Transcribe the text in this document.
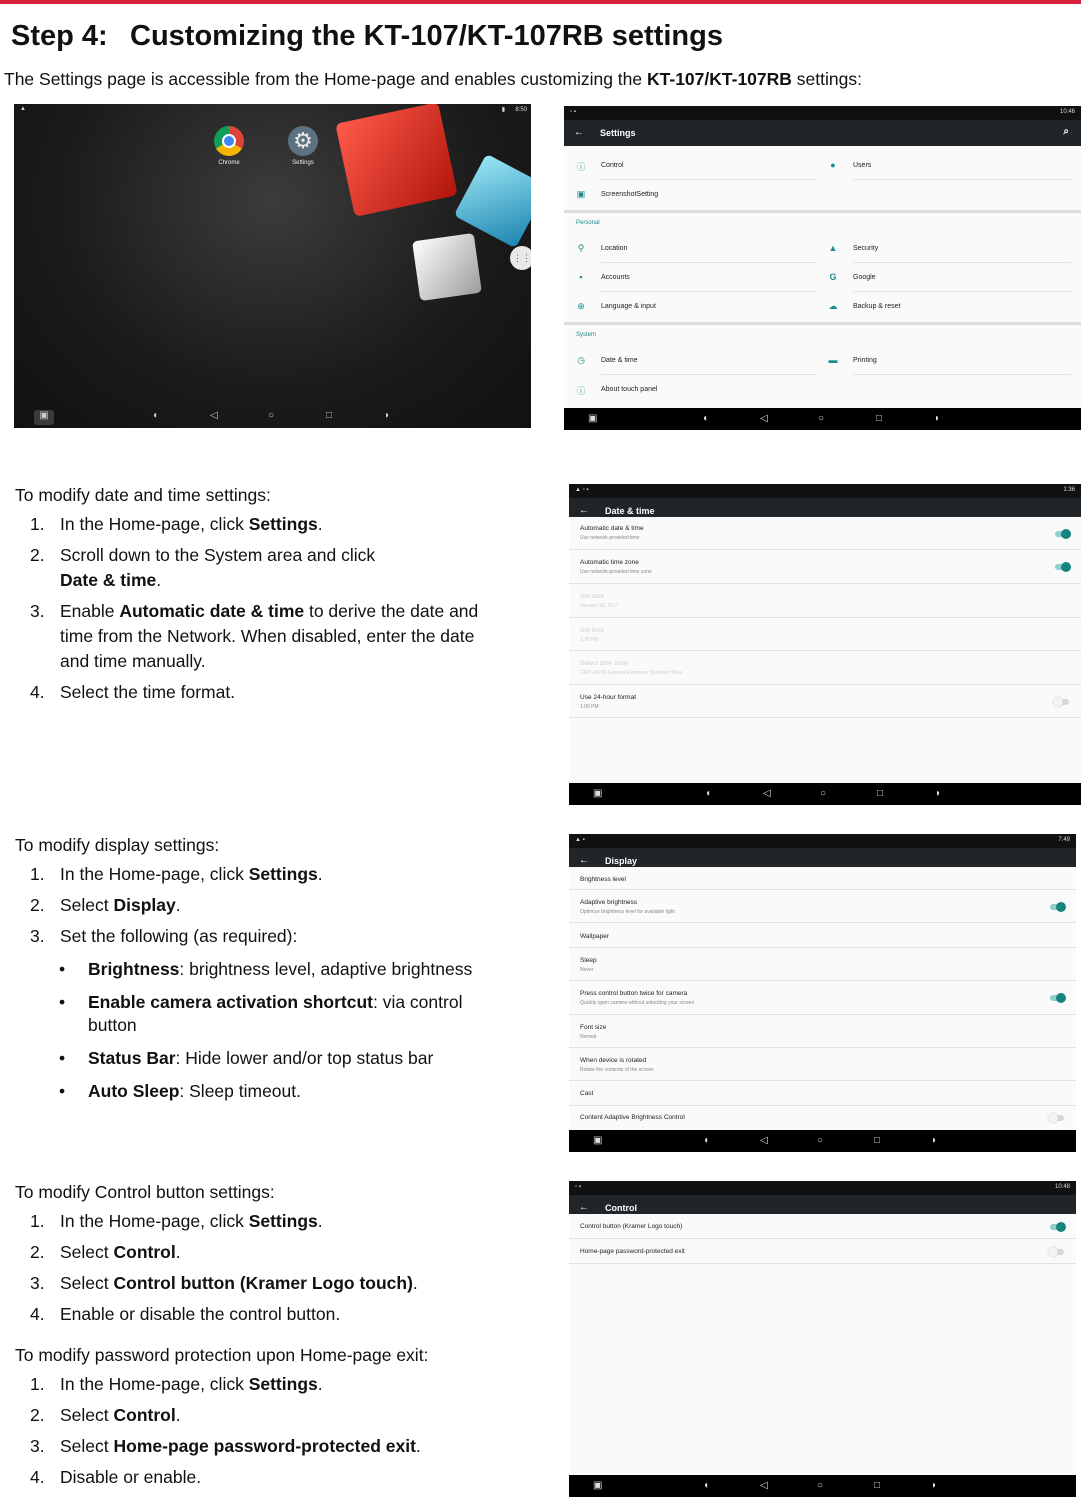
Step 4: Customizing the KT-107/KT-107RB settings

The Settings page is accessible from the Home-page and enables customizing the KT-107/KT-107RB settings:

▲	▮ 8:50
Chrome
⚙
Settings
⋮⋮
▣	◖	◁	○	□	◗
▫ ▪	10:46
← Settings	⌕
ⓘ Control	●	Users
▣ ScreenshotSetting
Personal
⚲ Location	▲ Security
▪	Accounts	G Google
⊕ Language & input	☁ Backup & reset
System
◷ Date & time	▬ Printing
ⓘ About touch panel
▣	◖	◁	○	□	◗

To modify date and time settings:

1. In the Home-page, click Settings.
2. Scroll down to the System area and click
Date & time.
3. Enable Automatic date & time to derive the date and time from the Network. When disabled, enter the date and time manually.
4. Select the time format.
▲ ▫ ▪	1:36
← Date & time
Automatic date & time
Use network-provided time
Automatic time zone
Use network-provided time zone
Set date
January 26, 2017
Set time
1:36 PM
Select time zone
GMT+02:00 Eastern European Standard Time
Use 24-hour format
1:00 PM
▣	◖	◁	○	□	◗

To modify display settings:

1. In the Home-page, click Settings.
2. Select Display.
3. Set the following (as required):
• Brightness: brightness level, adaptive brightness
• Enable camera activation shortcut: via control button
• Status Bar: Hide lower and/or top status bar
• Auto Sleep: Sleep timeout.
▲ ▪	7:49
← Display
Brightness level
Adaptive brightness
Optimize brightness level for available light
Wallpaper
Sleep
Never
Press control button twice for camera
Quickly open camera without unlocking your screen
Font size
Normal
When device is rotated
Rotate the contents of the screen
Cast
Content Adaptive Brightness Control
▣	◖	◁	○	□	◗

To modify Control button settings:

1. In the Home-page, click Settings.
2. Select Control.
3. Select Control button (Kramer Logo touch).
4. Enable or disable the control button.

To modify password protection upon Home-page exit:

1. In the Home-page, click Settings.
2. Select Control.
3. Select Home-page password-protected exit.
4. Disable or enable.
▫ ▪	10:48
← Control
Control button (Kramer Logo touch)
Home-page password-protected exit
▣	◖	◁	○	□	◗
